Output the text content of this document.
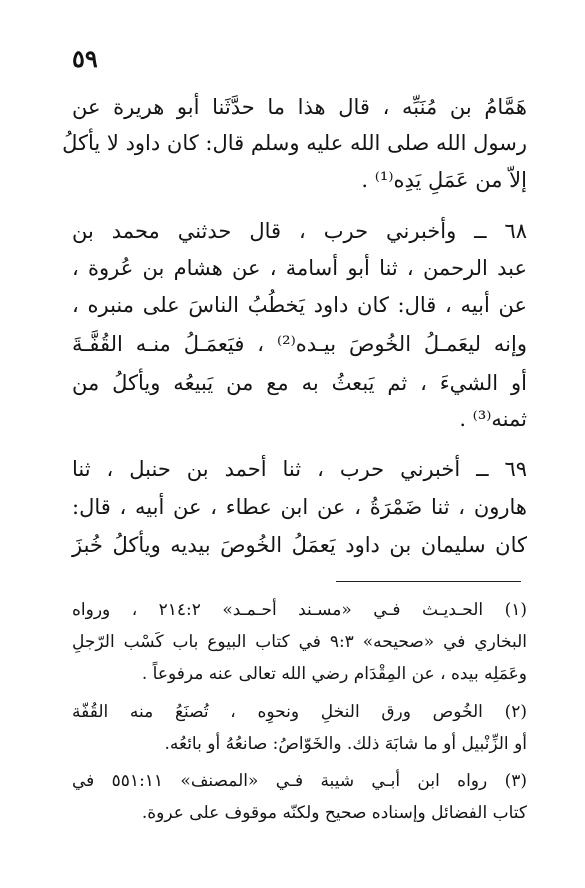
٥٩
هَمَّامُ بن مُنَبِّه ، قال هذا ما حدَّثَنا أبو هريرة عن
رسول الله صلى الله عليه وسلم قال: كان داود لا يأكلُ
إلاّ من عَمَلِ يَدِه⁽¹⁾ .
٦٨ ــ وأخبرني حرب ، قال حدثني محمد بن
عبد الرحمن ، ثنا أبو أسامة ، عن هشام بن عُروة ،
عن أبيه ، قال: كان داود يَخطُبُ الناسَ على منبره ،
وإنه ليعَمـلُ الخُوصَ بيـده⁽²⁾ ، فيَعمَـلُ منـه القُفَّـةَ
أو الشيءَ ، ثم يَبعثُ به مع من يَبيعُه ويأكلُ من
ثمنه⁽³⁾ .
٦٩ ــ أخبرني حرب ، ثنا أحمد بن حنبل ، ثنا
هارون ، ثنا ضَمْرَةُ ، عن ابن عطاء ، عن أبيه ، قال:
كان سليمان بن داود يَعمَلُ الخُوصَ بيديه ويأكلُ خُبزَ
(١) الحـديـث فـي «مسـند أحـمـد» ٢١٤:٢ ، ورواه
البخاري في «صحيحه» ٩:٣ في كتاب البيوع باب كَسْب الرّجلِ
وعَمَلِه بيده ، عن المِقْدَام رضي الله تعالى عنه مرفوعاً .
(٢) الخُوص ورق النخلِ ونحوِه ، تُصنَعُ منه القُفّة
أو الزِّنْبيل أو ما شابَهَ ذلك. والخَوّاصُ: صانعُهُ أو بائعُه.
(٣) رواه ابن أبـي شيبة فـي «المصنف» ٥٥١:١١ في
كتاب الفضائل وإسناده صحيح ولكنّه موقوف على عروة.
